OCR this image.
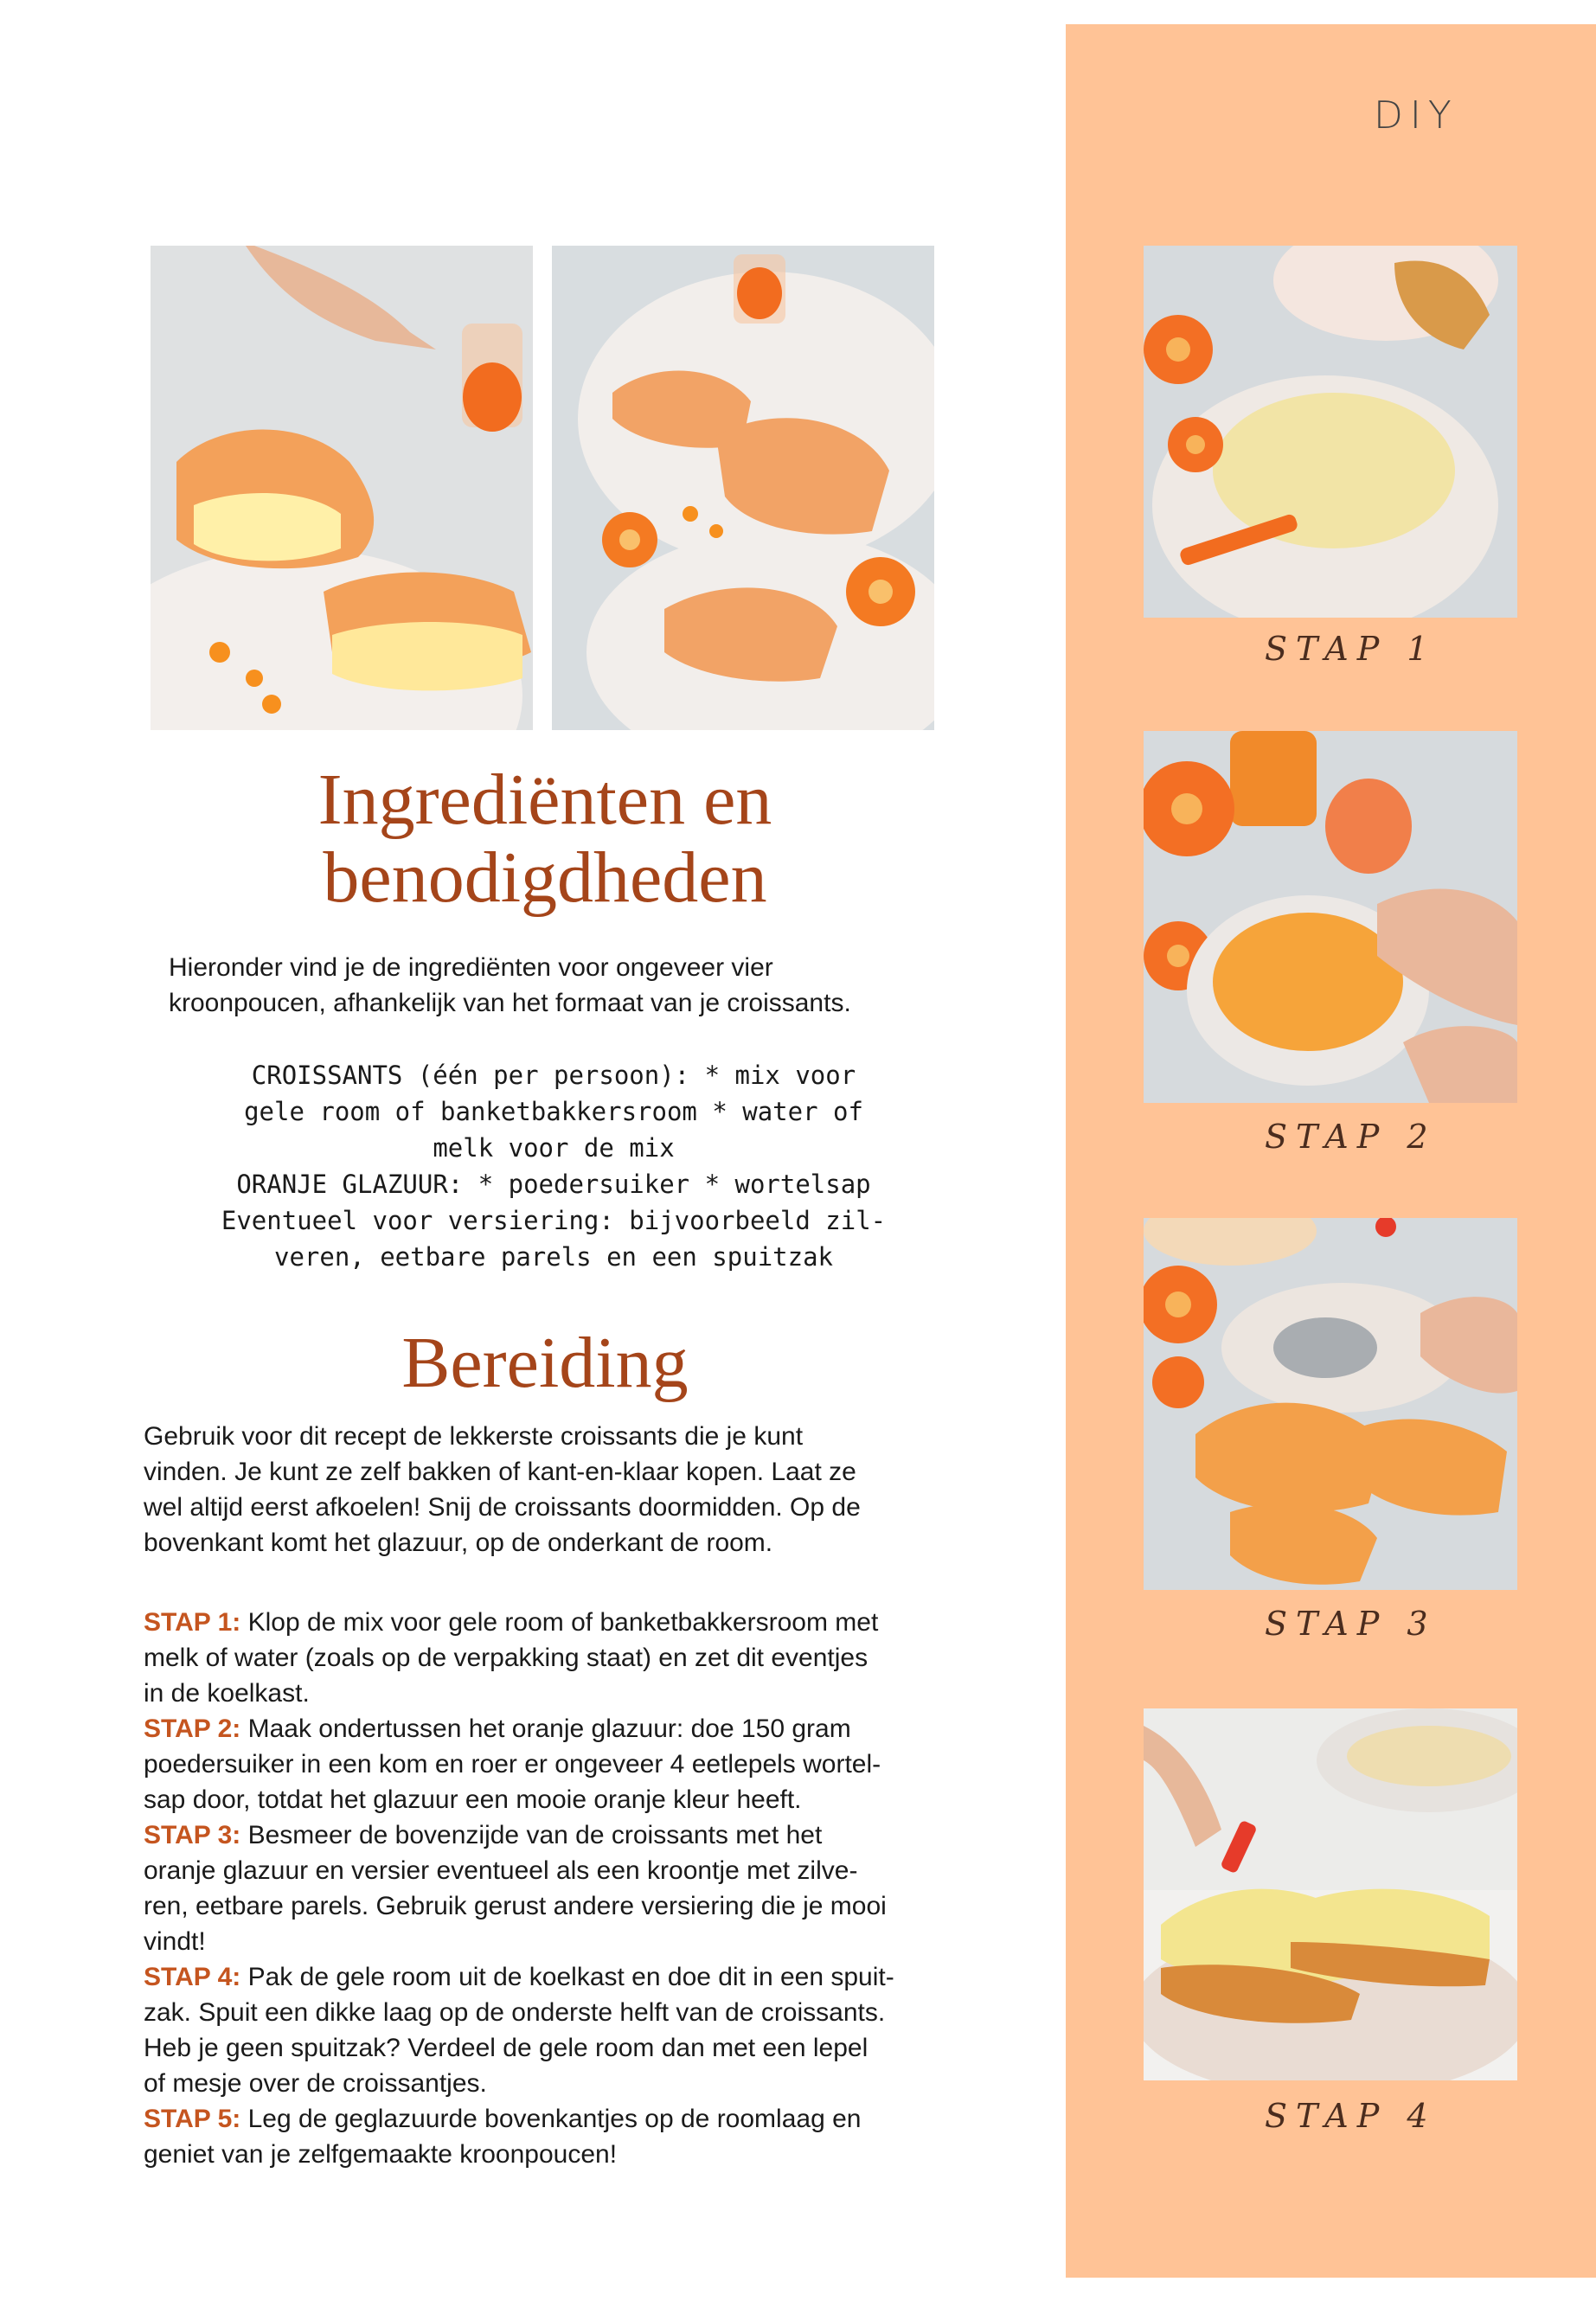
DIY
STAP 1
STAP 2
STAP 3
STAP 4
Ingrediënten en
benodigdheden
Hieronder vind je de ingrediënten voor ongeveer vier
kroonpoucen, afhankelijk van het formaat van je croissants.
CROISSANTS (één per persoon): * mix voor
gele room of banketbakkersroom * water of
melk voor de mix
ORANJE GLAZUUR: * poedersuiker * wortelsap
Eventueel voor versiering: bijvoorbeeld zil-
veren, eetbare parels en een spuitzak
Bereiding
Gebruik voor dit recept de lekkerste croissants die je kunt
vinden. Je kunt ze zelf bakken of kant-en-klaar kopen. Laat ze
wel altijd eerst afkoelen! Snij de croissants doormidden. Op de
bovenkant komt het glazuur, op de onderkant de room.
STAP 1: Klop de mix voor gele room of banketbakkersroom met
melk of water (zoals op de verpakking staat) en zet dit eventjes
in de koelkast.
STAP 2: Maak ondertussen het oranje glazuur: doe 150 gram
poedersuiker in een kom en roer er ongeveer 4 eetlepels wortel-
sap door, totdat het glazuur een mooie oranje kleur heeft.
STAP 3: Besmeer de bovenzijde van de croissants met het
oranje glazuur en versier eventueel als een kroontje met zilve-
ren, eetbare parels. Gebruik gerust andere versiering die je mooi
vindt!
STAP 4: Pak de gele room uit de koelkast en doe dit in een spuit-
zak. Spuit een dikke laag op de onderste helft van de croissants.
Heb je geen spuitzak? Verdeel de gele room dan met een lepel
of mesje over de croissantjes.
STAP 5: Leg de geglazuurde bovenkantjes op de roomlaag en
geniet van je zelfgemaakte kroonpoucen!
